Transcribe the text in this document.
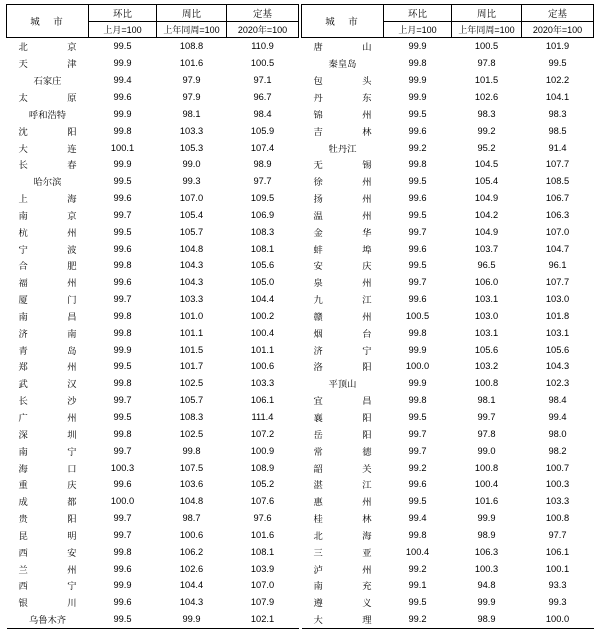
城　市	环比	周比	定基
	上月=100	上年同周=100	2020年=100
北　京	99.5	108.8	110.9
天　津	99.9	101.6	100.5
石家庄	99.4	97.9	97.1
太　原	99.6	97.9	96.7
呼和浩特	99.9	98.1	98.4
沈　阳	99.8	103.3	105.9
大　连	100.1	105.3	107.4
长　春	99.9	99.0	98.9
哈尔滨	99.5	99.3	97.7
上　海	99.6	107.0	109.5
南　京	99.7	105.4	106.9
杭　州	99.5	105.7	108.3
宁　波	99.6	104.8	108.1
合　肥	99.8	104.3	105.6
福　州	99.6	104.3	105.0
厦　门	99.7	103.3	104.4
南　昌	99.8	101.0	100.2
济　南	99.8	101.1	100.4
青　岛	99.9	101.5	101.1
郑　州	99.5	101.7	100.6
武　汉	99.8	102.5	103.3
长　沙	99.7	105.7	106.1
广　州	99.5	108.3	111.4
深　圳	99.8	102.5	107.2
南　宁	99.7	99.8	100.9
海口	100.3	107.5	108.9
重　庆	99.6	103.6	105.2
成　都	100.0	104.8	107.6
贵　阳	99.7	98.7	97.6
昆　明	99.7	100.6	101.6
西　安	99.8	106.2	108.1
兰　州	99.6	102.6	103.9
西　宁	99.9	104.4	107.0
银　川	99.6	104.3	107.9
乌鲁木齐	99.5	99.9	102.1
城　市	环比	周比	定基
	上月=100	上年同周=100	2020年=100
唐　山	99.9	100.5	101.9
秦皇岛	99.8	97.8	99.5
包　头	99.9	101.5	102.2
丹　东	99.9	102.6	104.1
锦　州	99.5	98.3	98.3
吉　林	99.6	99.2	98.5
牡丹江	99.2	95.2	91.4
无　锡	99.8	104.5	107.7
徐　州	99.5	105.4	108.5
扬　州	99.6	104.9	106.7
温　州	99.5	104.2	106.3
金　华	99.7	104.9	107.0
蚌　埠	99.6	103.7	104.7
安　庆	99.5	96.5	96.1
泉　州	99.7	106.0	107.7
九　江	99.6	103.1	103.0
赣　州	100.5	103.0	101.8
烟　台	99.8	103.1	103.1
济　宁	99.9	105.6	105.6
洛　阳	100.0	103.2	104.3
平顶山	99.9	100.8	102.3
宜　昌	99.8	98.1	98.4
襄　阳	99.5	99.7	99.4
岳　阳	99.7	97.8	98.0
常　德	99.7	99.0	98.2
韶　关	99.2	100.8	100.7
湛　江	99.6	100.4	100.3
惠　州	99.5	101.6	103.3
桂　林	99.4	99.9	100.8
北　海	99.8	98.9	97.7
三　亚	100.4	106.3	106.1
泸　州	99.2	100.3	100.1
南　充	99.1	94.8	93.3
遵　义	99.5	99.9	99.3
大　理	99.2	98.9	100.0
